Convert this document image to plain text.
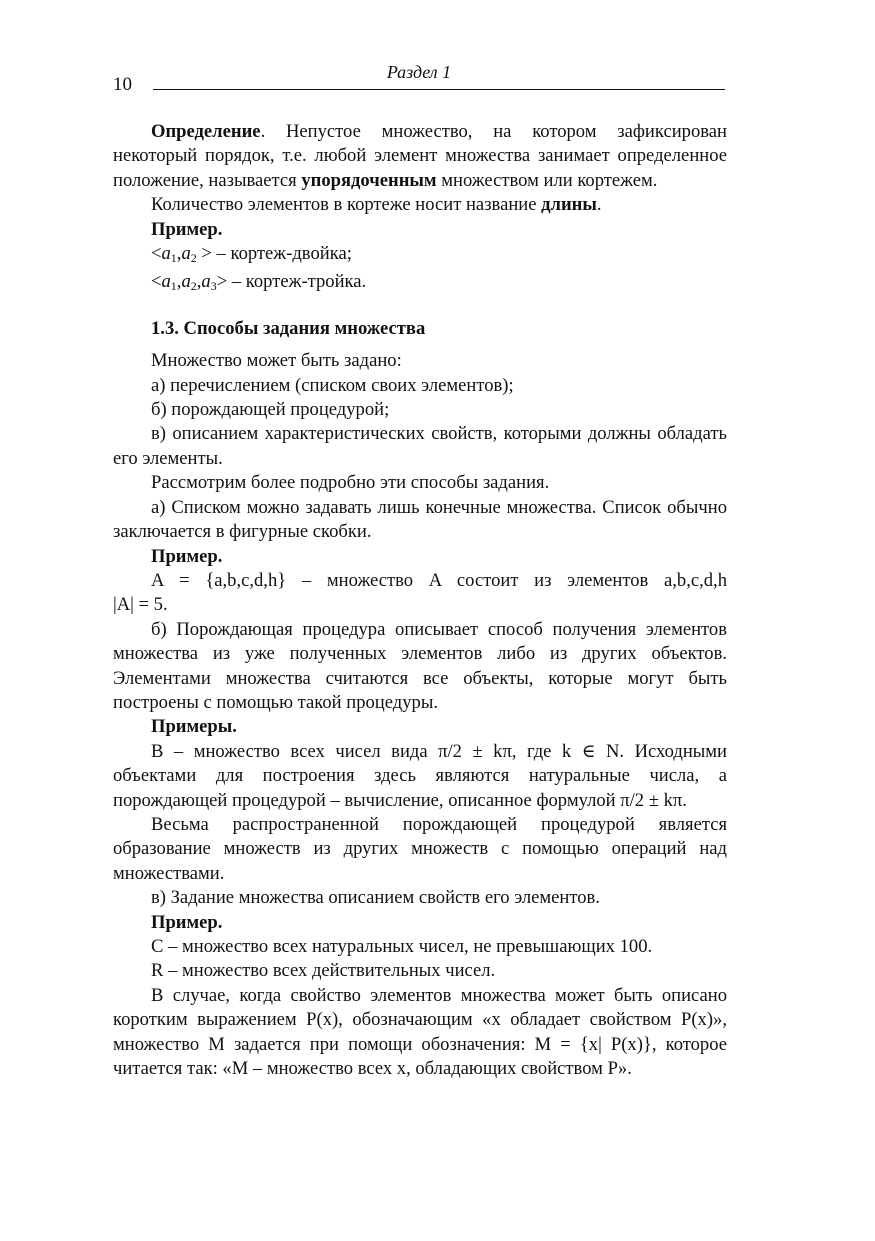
10
Раздел 1

Определение. Непустое множество, на котором зафиксирован некоторый порядок, т.е. любой элемент множества занимает определенное положение, называется упорядоченным множеством или кортежем.

Количество элементов в кортеже носит название длины.

Пример.
$<a_1,a_2$ > – кортеж-двойка;
$<a_1,a_2,a_3>$ – кортеж-тройка.
1.3. Способы задания множества
Множество может быть задано:
а) перечислением (списком своих элементов);
б) порождающей процедурой;

в) описанием характеристических свойств, которыми должны обладать его элементы.

Рассмотрим более подробно эти способы задания.

а) Списком можно задавать лишь конечные множества. Список обычно заключается в фигурные скобки.

Пример.

A = {a,b,c,d,h} – множество A состоит из элементов a,b,c,d,h

|A| = 5.

б) Порождающая процедура описывает способ получения элементов множества из уже полученных элементов либо из других объектов. Элементами множества считаются все объекты, которые могут быть построены с помощью такой процедуры.

Примеры.

B – множество всех чисел вида π/2 ± kπ, где k ∈ N. Исходными объектами для построения здесь являются натуральные числа, а порождающей процедурой – вычисление, описанное формулой π/2 ± kπ.

Весьма распространенной порождающей процедурой является образование множеств из других множеств с помощью операций над множествами.

в) Задание множества описанием свойств его элементов.
Пример.
C – множество всех натуральных чисел, не превышающих 100.
R – множество всех действительных чисел.

В случае, когда свойство элементов множества может быть описано коротким выражением P(x), обозначающим «x обладает свойством P(x)», множество M задается при помощи обозначения: M = {x| P(x)}, которое читается так: «M – множество всех x, обладающих свойством P».
